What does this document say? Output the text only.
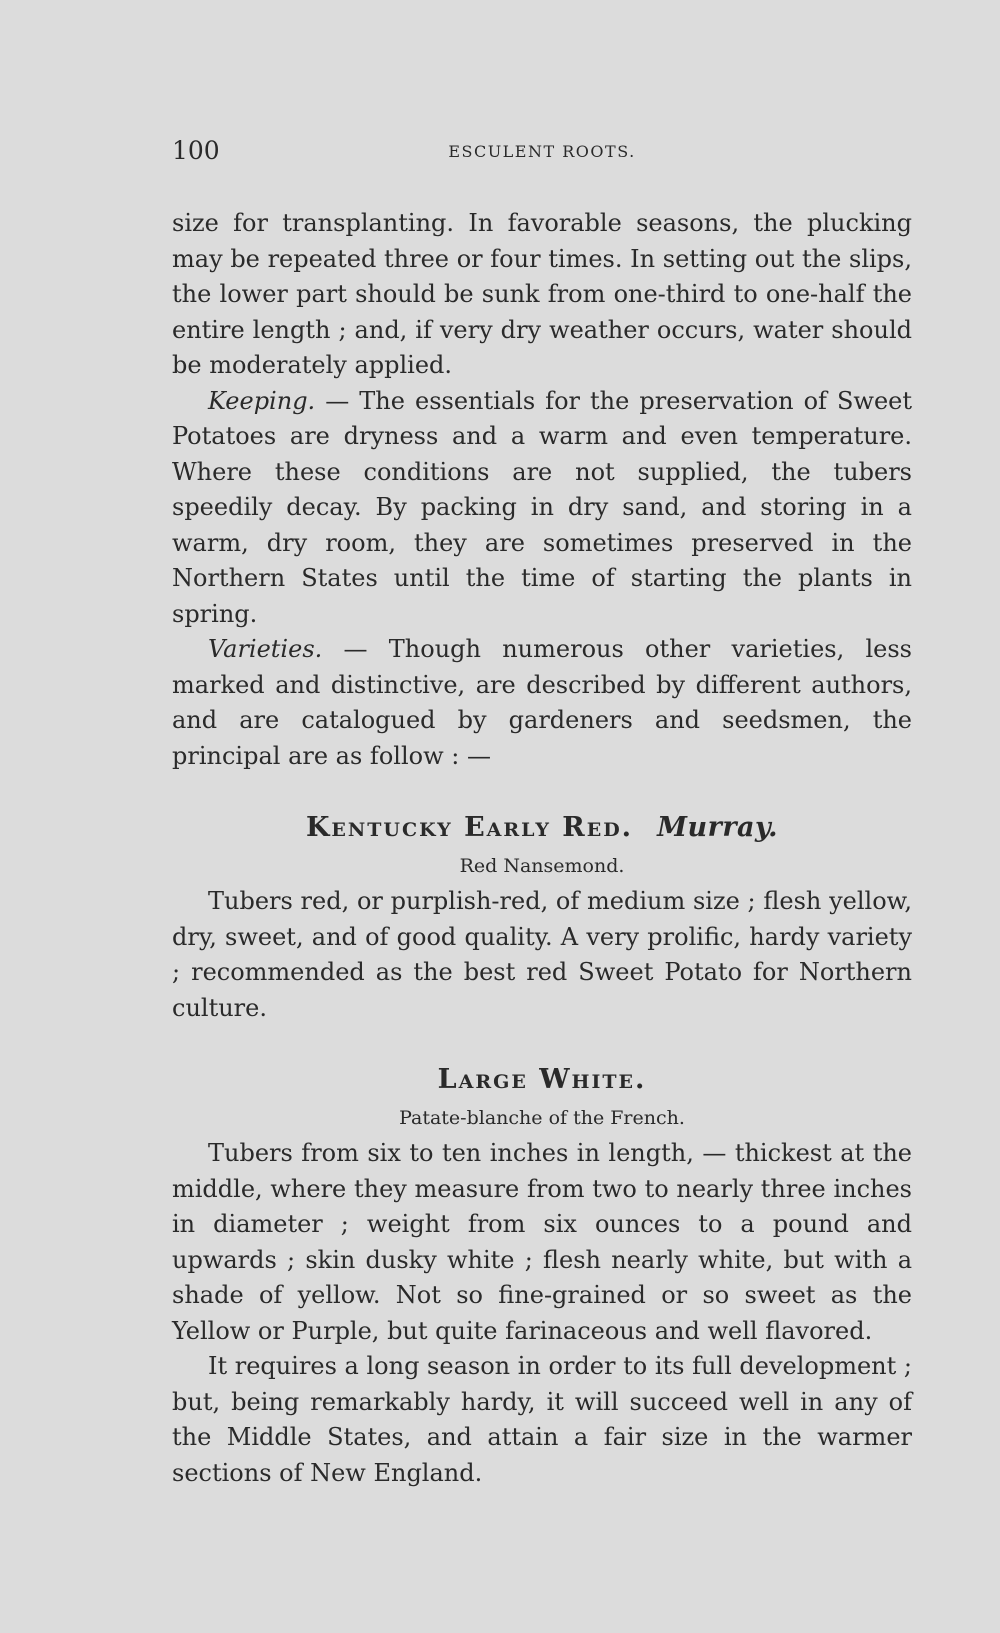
100	ESCULENT ROOTS.

size for transplanting. In favorable seasons, the plucking may be repeated three or four times. In setting out the slips, the lower part should be sunk from one-third to one-half the entire length ; and, if very dry weather occurs, water should be moderately applied.

Keeping. — The essentials for the preservation of Sweet Potatoes are dryness and a warm and even temperature. Where these conditions are not supplied, the tubers speedily decay. By packing in dry sand, and storing in a warm, dry room, they are sometimes preserved in the Northern States until the time of starting the plants in spring.

Varieties. — Though numerous other varieties, less marked and distinctive, are described by different authors, and are catalogued by gardeners and seedsmen, the principal are as follow : —

Kentucky Early Red. Murray.

Red Nansemond.

Tubers red, or purplish-red, of medium size ; flesh yellow, dry, sweet, and of good quality. A very prolific, hardy variety ; recommended as the best red Sweet Potato for Northern culture.

Large White.

Patate-blanche of the French.

Tubers from six to ten inches in length, — thickest at the middle, where they measure from two to nearly three inches in diameter ; weight from six ounces to a pound and upwards ; skin dusky white ; flesh nearly white, but with a shade of yellow. Not so fine-grained or so sweet as the Yellow or Purple, but quite farinaceous and well flavored.

It requires a long season in order to its full development ; but, being remarkably hardy, it will succeed well in any of the Middle States, and attain a fair size in the warmer sections of New England.
